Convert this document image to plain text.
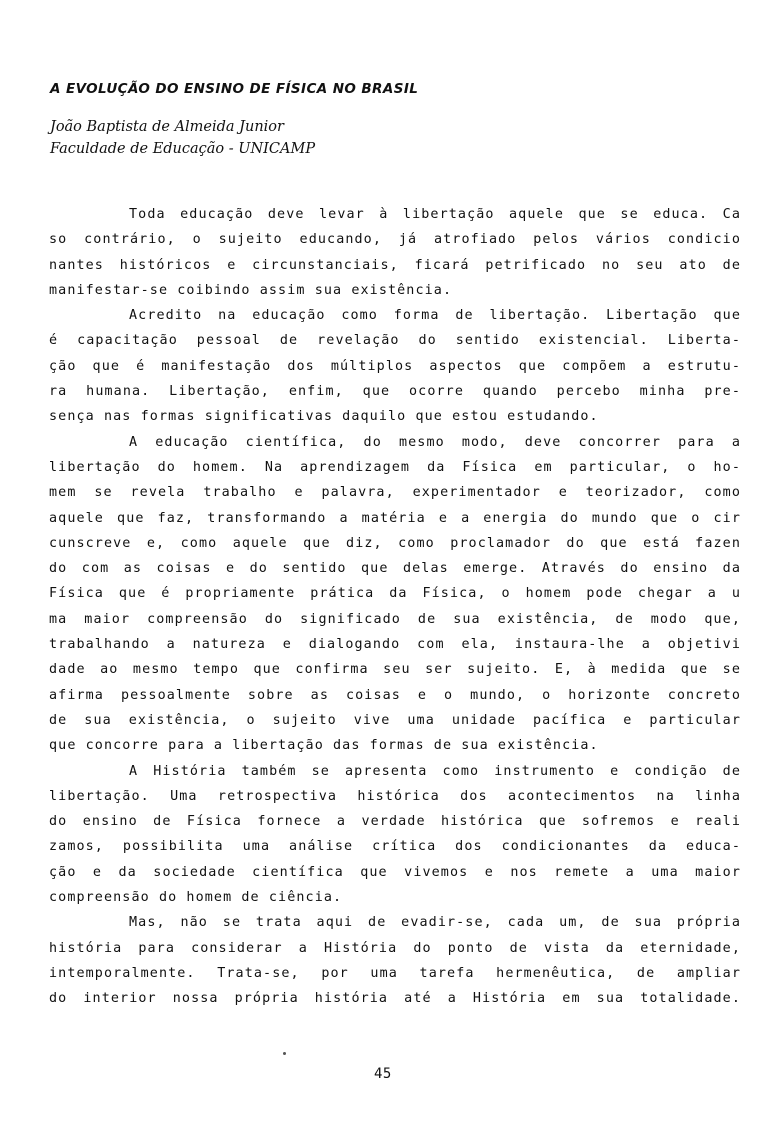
A EVOLUÇÃO DO ENSINO DE FÍSICA NO BRASIL

João Baptista de Almeida Junior

Faculdade de Educação - UNICAMP

Toda educação deve levar à libertação aquele que se educa. Ca
so contrário, o sujeito educando, já atrofiado pelos vários condicio
nantes históricos e circunstanciais, ficará petrificado no seu ato de
manifestar-se coibindo assim sua existência.
Acredito na educação como forma de libertação. Libertação que
é capacitação pessoal de revelação do sentido existencial. Liberta-
ção que é manifestação dos múltiplos aspectos que compõem a estrutu-
ra humana. Libertação, enfim, que ocorre quando percebo minha pre-
sença nas formas significativas daquilo que estou estudando.
A educação científica, do mesmo modo, deve concorrer para a
libertação do homem. Na aprendizagem da Física em particular, o ho-
mem se revela trabalho e palavra, experimentador e teorizador, como
aquele que faz, transformando a matéria e a energia do mundo que o cir
cunscreve e, como aquele que diz, como proclamador do que está fazen
do com as coisas e do sentido que delas emerge. Através do ensino da
Física que é propriamente prática da Física, o homem pode chegar a u
ma maior compreensão do significado de sua existência, de modo que,
trabalhando a natureza e dialogando com ela, instaura-lhe a objetivi
dade ao mesmo tempo que confirma seu ser sujeito. E, à medida que se
afirma pessoalmente sobre as coisas e o mundo, o horizonte concreto
de sua existência, o sujeito vive uma unidade pacífica e particular
que concorre para a libertação das formas de sua existência.
A História também se apresenta como instrumento e condição de
libertação. Uma retrospectiva histórica dos acontecimentos na linha
do ensino de Física fornece a verdade histórica que sofremos e reali
zamos, possibilita uma análise crítica dos condicionantes da educa-
ção e da sociedade científica que vivemos e nos remete a uma maior
compreensão do homem de ciência.
Mas, não se trata aqui de evadir-se, cada um, de sua própria
história para considerar a História do ponto de vista da eternidade,
intemporalmente. Trata-se, por uma tarefa hermenêutica, de ampliar
do interior nossa própria história até a História em sua totalidade.
45
